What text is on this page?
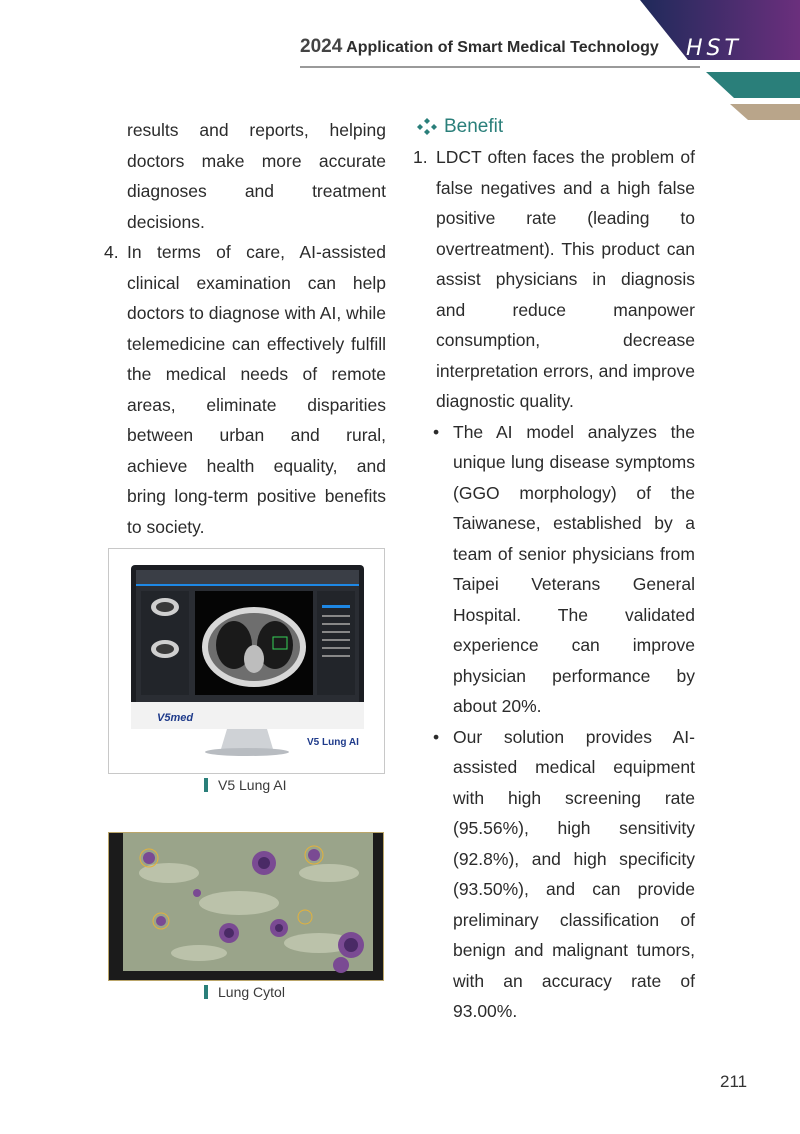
2024 Application of Smart Medical Technology	HST

results and reports, helping

doctors make more accurate

diagnoses and treatment

decisions.

4. In terms of care, AI-assisted clinical examination can help doctors to diagnose with AI, while telemedicine can effectively fulfill the medical needs of remote areas, eliminate disparities between urban and rural, achieve health equality, and bring long-term positive benefits to society.
Benefit
1. LDCT often faces the problem of false negatives and a high false positive rate (leading to overtreatment). This product can assist physicians in diagnosis and reduce manpower consumption, decrease interpretation errors, and improve diagnostic quality.
• The AI model analyzes the unique lung disease symptoms (GGO morphology) of the Taiwanese, established by a team of senior physicians from Taipei Veterans General Hospital. The validated experience can improve physician performance by about 20%.
• Our solution provides AI-assisted medical equipment with high screening rate (95.56%), high sensitivity (92.8%), and high specificity (93.50%), and can provide preliminary classification of benign and malignant tumors, with an accuracy rate of 93.00%.
V5med
V5 Lung AI
V5 Lung AI
Lung Cytol
211
